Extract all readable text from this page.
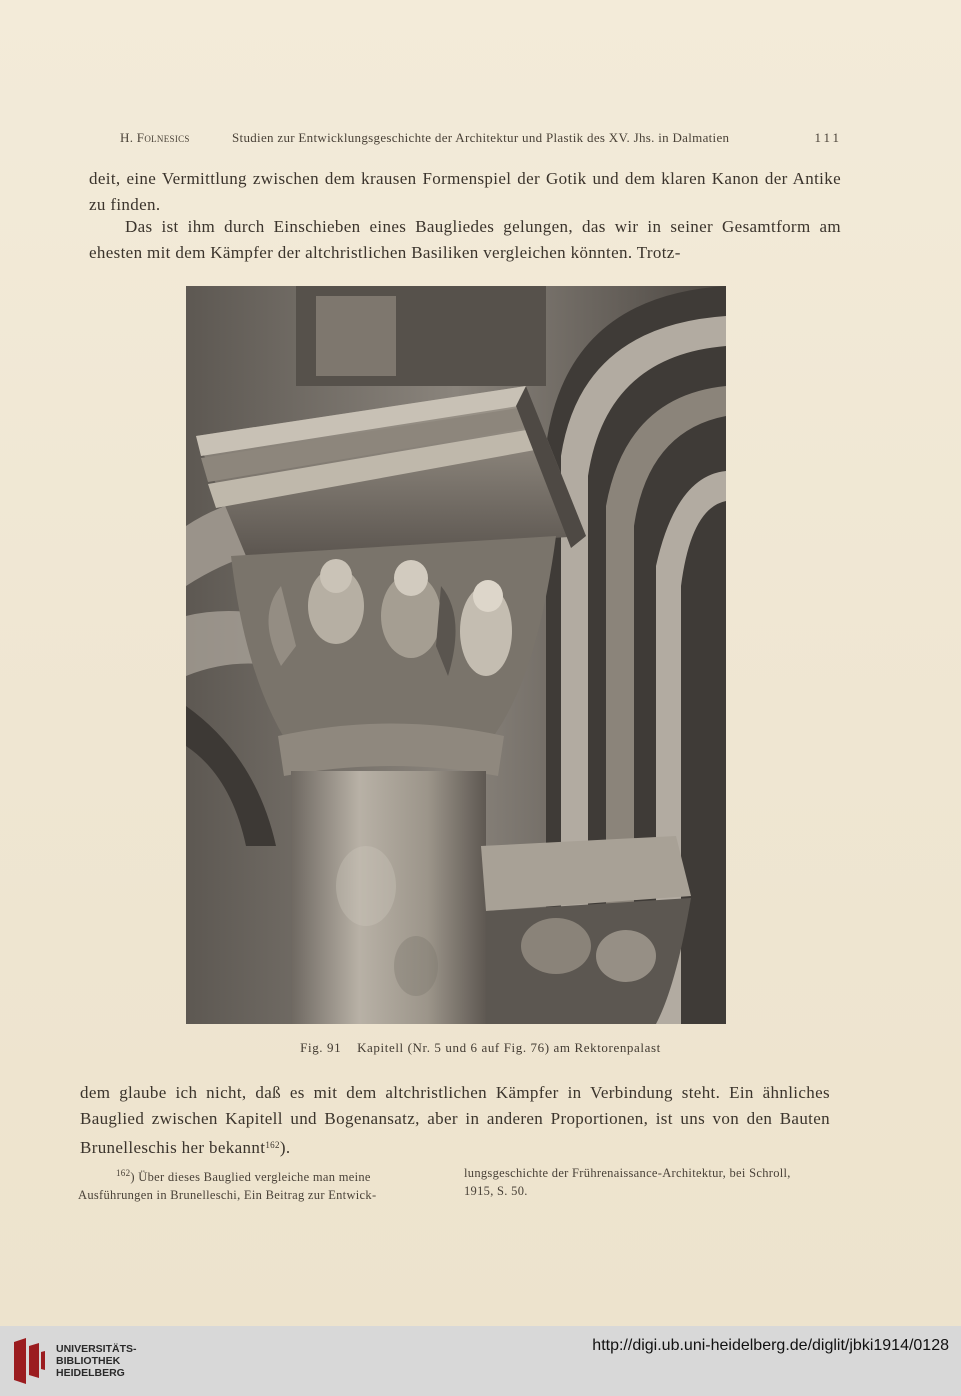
H. Folnesics	Studien zur Entwicklungsgeschichte der Architektur und Plastik des XV. Jhs. in Dalmatien	111

deit, eine Vermittlung zwischen dem krausen Formenspiel der Gotik und dem klaren Kanon der Antike zu finden.

Das ist ihm durch Einschieben eines Baugliedes gelungen, das wir in seiner Gesamtform am ehesten mit dem Kämpfer der altchristlichen Basiliken vergleichen könnten. Trotz-

Fig. 91 Kapitell (Nr. 5 und 6 auf Fig. 76) am Rektorenpalast

dem glaube ich nicht, daß es mit dem altchristlichen Kämpfer in Verbindung steht. Ein ähnliches Bauglied zwischen Kapitell und Bogenansatz, aber in anderen Proportionen, ist uns von den Bauten Brunelleschis her bekannt$^{162}$).

$^{162}$) Über dieses Bauglied vergleiche man meine

Ausführungen in Brunelleschi, Ein Beitrag zur Entwick-

lungsgeschichte der Frührenaissance-Architektur, bei Schroll,

1915, S. 50.

UNIVERSITÄTS-
BIBLIOTHEK
HEIDELBERG
http://digi.ub.uni-heidelberg.de/diglit/jbki1914/0128
